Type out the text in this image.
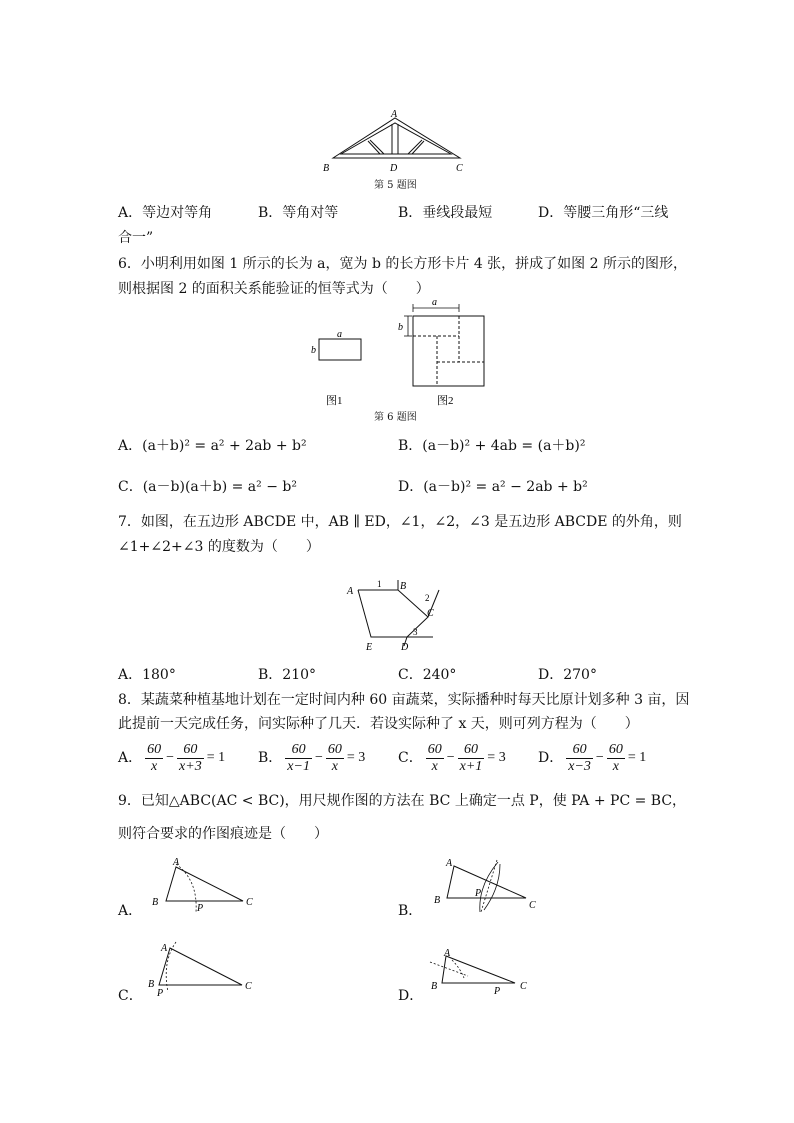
A
B	D	C
第 5 题图
A．等边对等角	B．等角对等	B．垂线段最短	D．等腰三角形“三线
合一”
6．小明利用如图 1 所示的长为 a，宽为 b 的长方形卡片 4 张，拼成了如图 2 所示的图形，
则根据图 2 的面积关系能验证的恒等式为（　　）
a
b
a
b
图1	图2
第 6 题图
A．(a＋b)² = a² + 2ab + b²	B．(a－b)² + 4ab = (a＋b)²
C．(a－b)(a＋b) = a² − b²	D．(a－b)² = a² − 2ab + b²
7．如图，在五边形 ABCDE 中，AB ∥ ED，∠1，∠2，∠3 是五边形 ABCDE 的外角，则
∠1+∠2+∠3 的度数为（　　）
A
1 B
2
C
3
E	D
A．180°	B．210°	C．240°	D．270°
8．某蔬菜种植基地计划在一定时间内种 60 亩蔬菜，实际播种时每天比原计划多种 3 亩，因
此提前一天完成任务，问实际种了几天．若设实际种了 x 天，则可列方程为（　　）
A． $\frac{60}{x} - \frac{60}{x+3} = 1$ B． $\frac{60}{x-1} - \frac{60}{x} = 3$ C． $\frac{60}{x} - \frac{60}{x+1} = 3$ D． $\frac{60}{x-3} - \frac{60}{x} = 1$
9．已知△ABC(AC < BC)，用尺规作图的方法在 BC 上确定一点 P，使 PA + PC = BC，
则符合要求的作图痕迹是（　　）
A．	B．
C．	D．
A
B
P
C
A
B
P
C
A
B
P
C
A
B	P C
